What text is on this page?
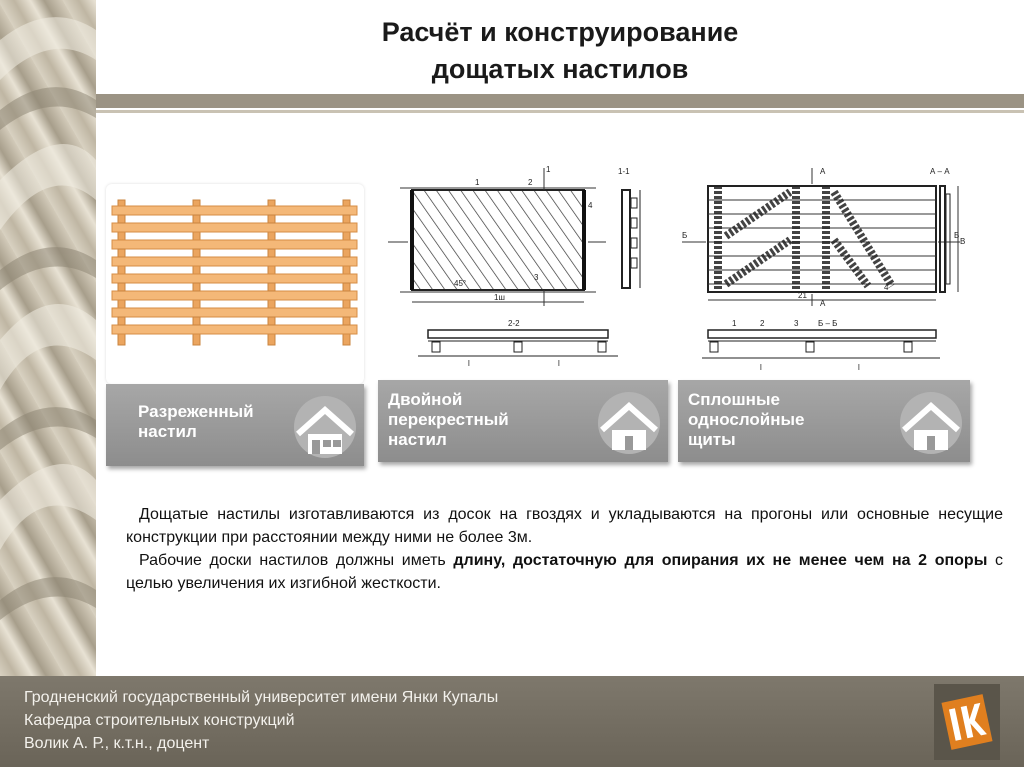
Расчёт и конструирование
дощатых настилов
Разреженный
настил
1
45°
1ш
1	2
4
3
1-1
2-2
l	l
Двойной
перекрестный
настил
А
А
А – А
Б	Б
B
21
4
Б – Б
1	2	3
l	l
Сплошные
однослойные
щиты

Дощатые настилы изготавливаются из досок на гвоздях и укладываются на прогоны или основные несущие конструкции при расстоянии между ними не более 3м.

Рабочие доски настилов должны иметь длину, достаточную для опирания их не менее чем на 2 опоры с целью увеличения их изгибной жесткости.

Гродненский государственный университет имени Янки Купалы
Кафедра строительных конструкций
Волик А. Р., к.т.н., доцент
